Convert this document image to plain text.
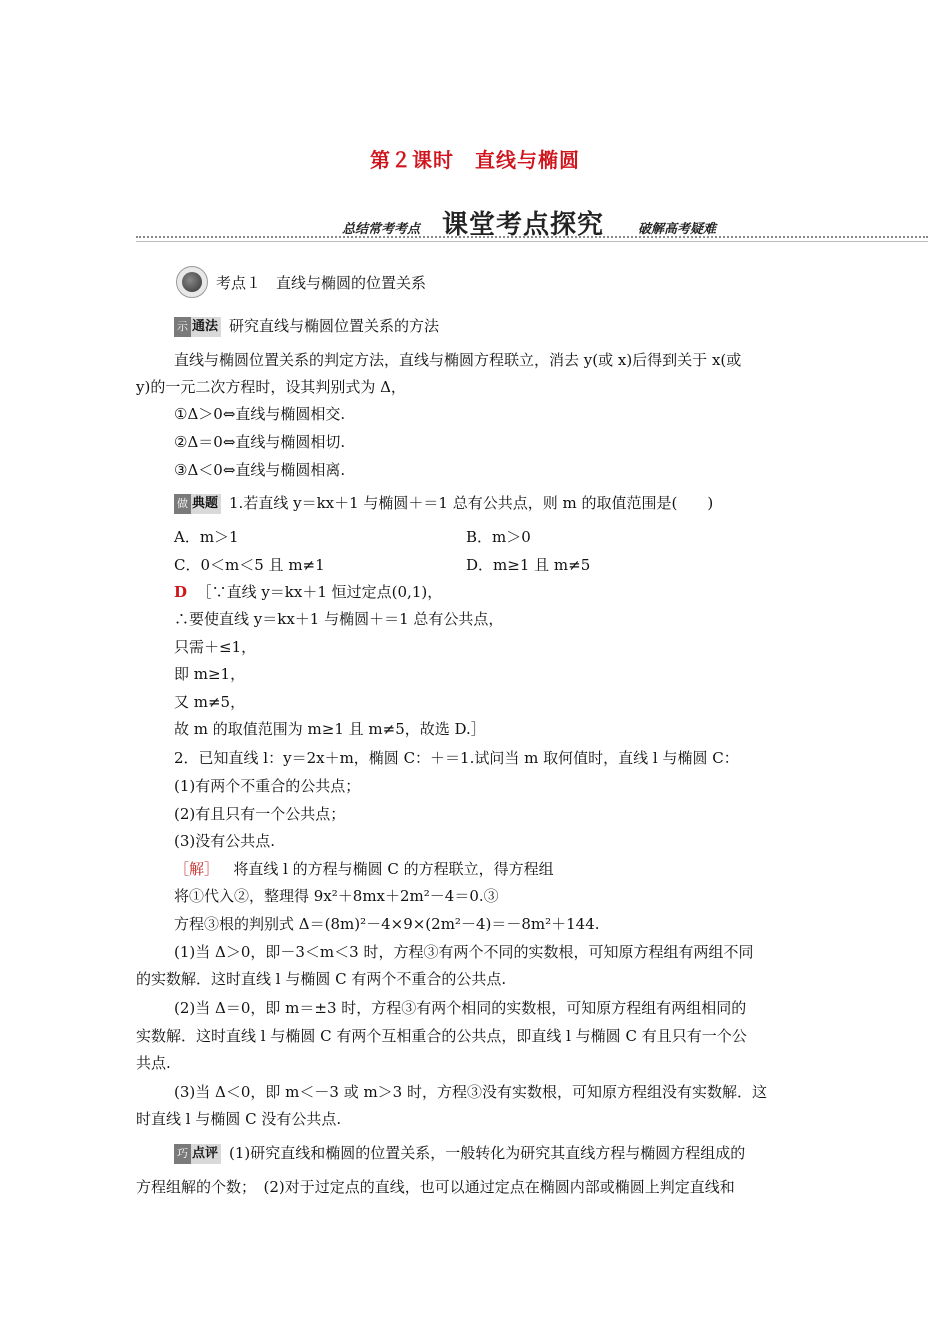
第２课时　直线与椭圆
总结常考考点 课堂考点探究	破解高考疑难
考点１　直线与椭圆的位置关系
示 通法 研究直线与椭圆位置关系的方法
直线与椭圆位置关系的判定方法，直线与椭圆方程联立，消去 y(或 x)后得到关于 x(或
y)的一元二次方程时，设其判别式为 Δ，
①Δ＞0⇔直线与椭圆相交.
②Δ＝0⇔直线与椭圆相切.
③Δ＜0⇔直线与椭圆相离.
做 典题 1.若直线 y＝kx＋1 与椭圆＋＝1 总有公共点，则 m 的取值范围是(　　)
A．m＞1	B．m＞0
C．0＜m＜5 且 m≠1	D．m≥1 且 m≠5
D ［∵直线 y＝kx＋1 恒过定点(0,1)，
∴要使直线 y＝kx＋1 与椭圆＋＝1 总有公共点，
只需＋≤1，
即 m≥1，
又 m≠5，
故 m 的取值范围为 m≥1 且 m≠5，故选 D.］
2．已知直线 l：y＝2x＋m，椭圆 C：＋＝1.试问当 m 取何值时，直线 l 与椭圆 C：
(1)有两个不重合的公共点；
(2)有且只有一个公共点；
(3)没有公共点.
［解］ 将直线 l 的方程与椭圆 C 的方程联立，得方程组
将①代入②，整理得 9x²＋8mx＋2m²－4＝0.③
方程③根的判别式 Δ＝(8m)²－4×9×(2m²－4)＝－8m²＋144.
(1)当 Δ＞0，即－3＜m＜3 时，方程③有两个不同的实数根，可知原方程组有两组不同
的实数解．这时直线 l 与椭圆 C 有两个不重合的公共点.
(2)当 Δ＝0，即 m＝±3 时，方程③有两个相同的实数根，可知原方程组有两组相同的
实数解．这时直线 l 与椭圆 C 有两个互相重合的公共点，即直线 l 与椭圆 C 有且只有一个公
共点.
(3)当 Δ＜0，即 m＜－3 或 m＞3 时，方程③没有实数根，可知原方程组没有实数解．这
时直线 l 与椭圆 C 没有公共点.
巧 点评 (1)研究直线和椭圆的位置关系，一般转化为研究其直线方程与椭圆方程组成的
方程组解的个数；　(2)对于过定点的直线，也可以通过定点在椭圆内部或椭圆上判定直线和
